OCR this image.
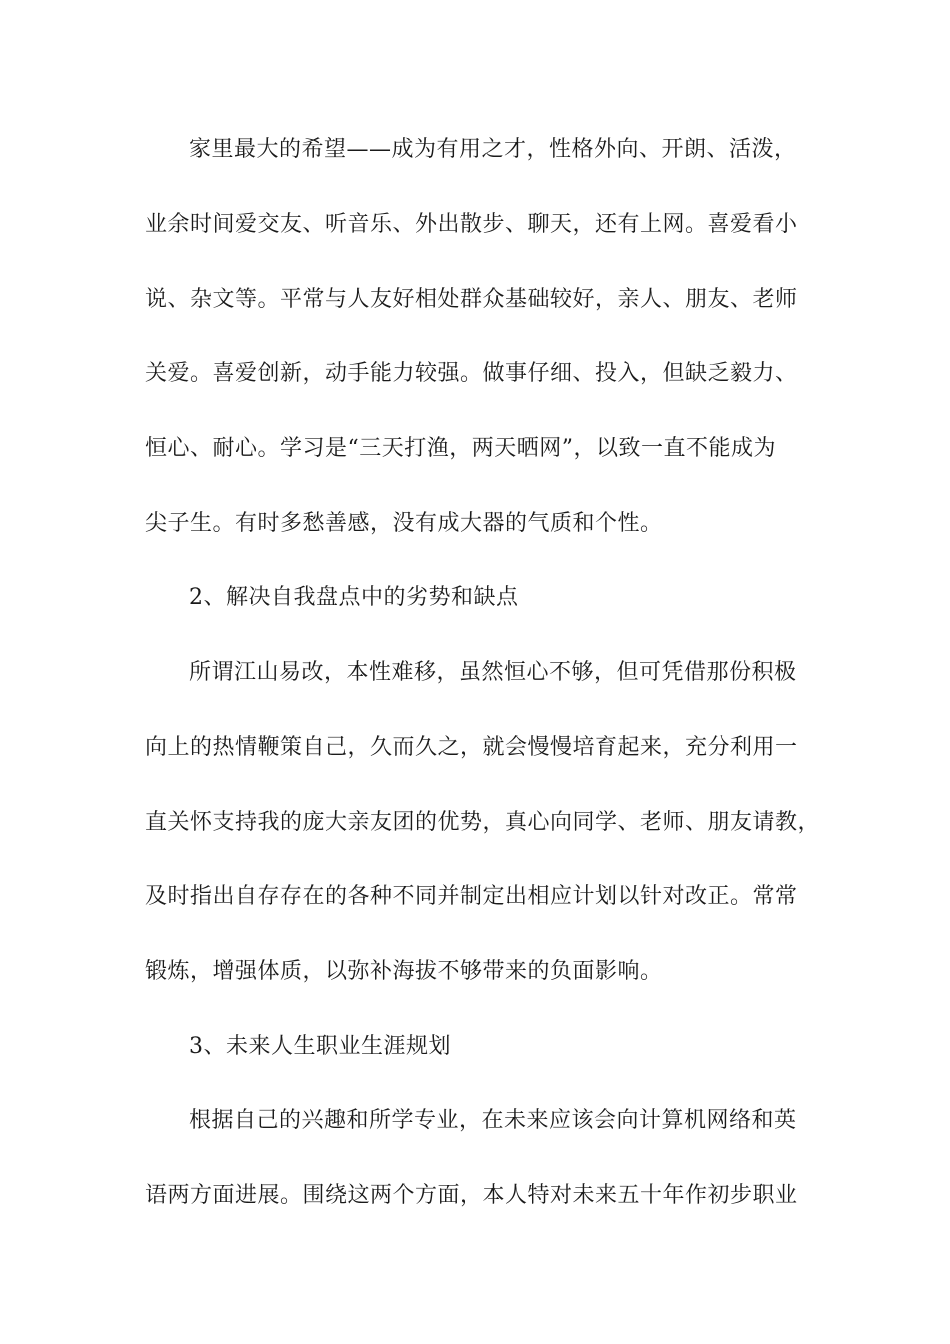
家里最大的希望——成为有用之才，性格外向、开朗、活泼，
业余时间爱交友、听音乐、外出散步、聊天，还有上网。喜爱看小
说、杂文等。平常与人友好相处群众基础较好，亲人、朋友、老师
关爱。喜爱创新，动手能力较强。做事仔细、投入，但缺乏毅力、
恒心、耐心。学习是“三天打渔，两天晒网”，以致一直不能成为
尖子生。有时多愁善感，没有成大器的气质和个性。
2、解决自我盘点中的劣势和缺点
所谓江山易改，本性难移，虽然恒心不够，但可凭借那份积极
向上的热情鞭策自己，久而久之，就会慢慢培育起来，充分利用一
直关怀支持我的庞大亲友团的优势，真心向同学、老师、朋友请教，
及时指出自存存在的各种不同并制定出相应计划以针对改正。常常
锻炼，增强体质，以弥补海拔不够带来的负面影响。
3、未来人生职业生涯规划
根据自己的兴趣和所学专业，在未来应该会向计算机网络和英
语两方面进展。围绕这两个方面，本人特对未来五十年作初步职业
